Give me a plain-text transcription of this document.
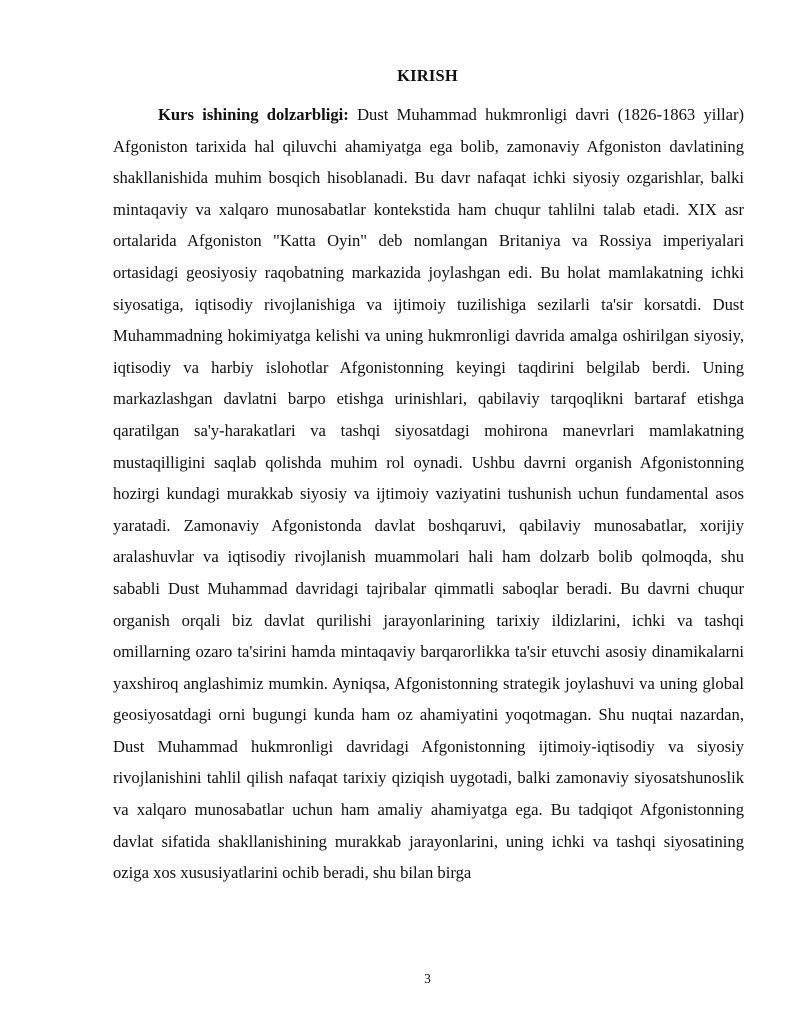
KIRISH

Kurs ishining dolzarbligi: Dust Muhammad hukmronligi davri (1826-1863 yillar) Afgoniston tarixida hal qiluvchi ahamiyatga ega bolib, zamonaviy Afgoniston davlatining shakllanishida muhim bosqich hisoblanadi. Bu davr nafaqat ichki siyosiy ozgarishlar, balki mintaqaviy va xalqaro munosabatlar kontekstida ham chuqur tahlilni talab etadi. XIX asr ortalarida Afgoniston "Katta Oyin" deb nomlangan Britaniya va Rossiya imperiyalari ortasidagi geosiyosiy raqobatning markazida joylashgan edi. Bu holat mamlakatning ichki siyosatiga, iqtisodiy rivojlanishiga va ijtimoiy tuzilishiga sezilarli ta'sir korsatdi. Dust Muhammadning hokimiyatga kelishi va uning hukmronligi davrida amalga oshirilgan siyosiy, iqtisodiy va harbiy islohotlar Afgonistonning keyingi taqdirini belgilab berdi. Uning markazlashgan davlatni barpo etishga urinishlari, qabilaviy tarqoqlikni bartaraf etishga qaratilgan sa'y-harakatlari va tashqi siyosatdagi mohirona manevrlari mamlakatning mustaqilligini saqlab qolishda muhim rol oynadi. Ushbu davrni organish Afgonistonning hozirgi kundagi murakkab siyosiy va ijtimoiy vaziyatini tushunish uchun fundamental asos yaratadi. Zamonaviy Afgonistonda davlat boshqaruvi, qabilaviy munosabatlar, xorijiy aralashuvlar va iqtisodiy rivojlanish muammolari hali ham dolzarb bolib qolmoqda, shu sababli Dust Muhammad davridagi tajribalar qimmatli saboqlar beradi. Bu davrni chuqur organish orqali biz davlat qurilishi jarayonlarining tarixiy ildizlarini, ichki va tashqi omillarning ozaro ta'sirini hamda mintaqaviy barqarorlikka ta'sir etuvchi asosiy dinamikalarni yaxshiroq anglashimiz mumkin. Ayniqsa, Afgonistonning strategik joylashuvi va uning global geosiyosatdagi orni bugungi kunda ham oz ahamiyatini yoqotmagan. Shu nuqtai nazardan, Dust Muhammad hukmronligi davridagi Afgonistonning ijtimoiy-iqtisodiy va siyosiy rivojlanishini tahlil qilish nafaqat tarixiy qiziqish uygotadi, balki zamonaviy siyosatshunoslik va xalqaro munosabatlar uchun ham amaliy ahamiyatga ega. Bu tadqiqot Afgonistonning davlat sifatida shakllanishining murakkab jarayonlarini, uning ichki va tashqi siyosatining oziga xos xususiyatlarini ochib beradi, shu bilan birga

3
